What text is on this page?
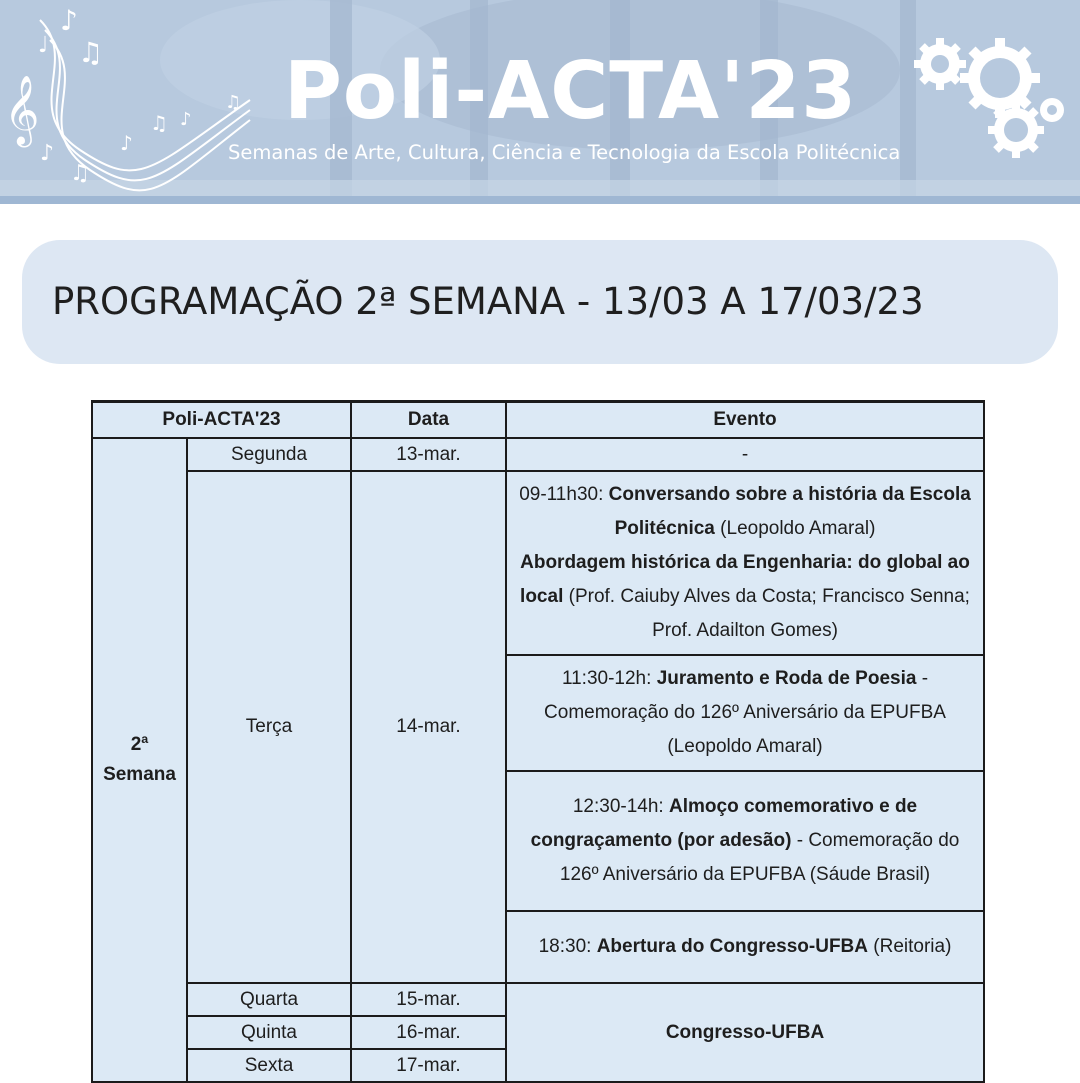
𝄞
♪
♫
♩
♪
♫
♪
♫ ♪
♫ Poli-ACTA'23
Semanas de Arte, Cultura, Ciência e Tecnologia da Escola Politécnica
PROGRAMAÇÃO 2ª SEMANA - 13/03 A 17/03/23
Poli-ACTA'23		Data	Evento

2ª
Semana	Segunda	13-mar.	-
	Terça	14-mar.	09-11h30: Conversando sobre a história da Escola Politécnica (Leopoldo Amaral)
Abordagem histórica da Engenharia: do global ao local (Prof. Caiuby Alves da Costa; Francisco Senna; Prof. Adailton Gomes)
			11:30-12h: Juramento e Roda de Poesia - Comemoração do 126º Aniversário da EPUFBA (Leopoldo Amaral)
			12:30-14h: Almoço comemorativo e de congraçamento (por adesão) - Comemoração do 126º Aniversário da EPUFBA (Sáude Brasil)
			18:30: Abertura do Congresso-UFBA (Reitoria)
	Quarta	15-mar.	Congresso-UFBA
	Quinta	16-mar.	
	Sexta	17-mar.	
